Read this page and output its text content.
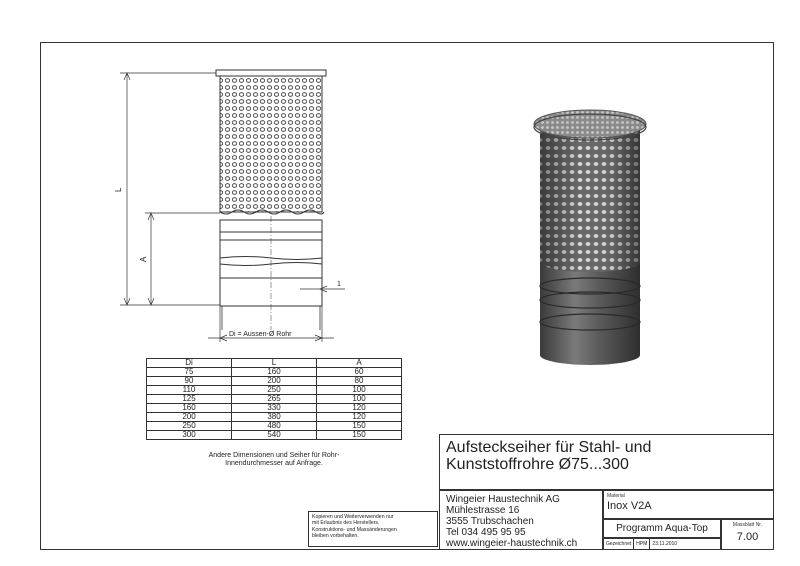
L
A
1
Di = Aussen-Ø Rohr
Di	L	A
75	160	60
90	200	80
110	250	100
125	265	100
160	330	120
200	380	120
250	480	150
300	540	150
Andere Dimensionen und Seiher für Rohr-
Innendurchmesser auf Anfrage.
Kopieren und Weiterverwenden nur
mit Erlaubnis des Herstellers.
Konstruktions- und Massänderungen
bleiben vorbehalten.
Aufsteckseiher für Stahl- und
Kunststoffrohre Ø75...300
Wingeier Haustechnik AG
Mühlestrasse 16
3555 Trubschachen
Tel 034 495 95 95
www.wingeier-haustechnik.ch
Material
Inox V2A
Programm Aqua-Top
Gezeichnet	HPM	23.11.2010
Massblatt Nr.
7.00
